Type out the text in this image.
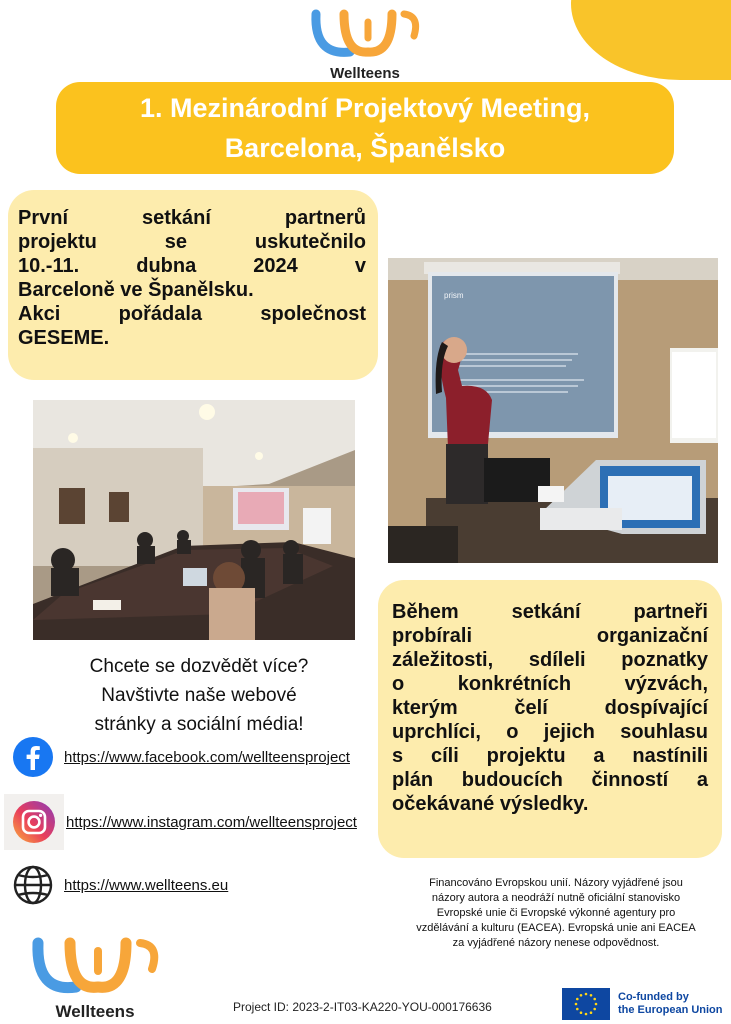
Wellteens
1. Mezinárodní Projektový Meeting,
Barcelona, Španělsko

První setkání partnerů

projektu se uskutečnilo

10.-11. dubna 2024 v

Barceloně ve Španělsku.

Akci pořádala společnost

GESEME.

prism
Chcete se dozvědět více?
Navštivte naše webové
stránky a sociální média!

Během setkání partneři

probírali organizační

záležitosti, sdíleli poznatky

o konkrétních výzvách,

kterým čelí dospívající

uprchlíci, o jejich souhlasu

s cíli projektu a nastínili

plán budoucích činností a

očekávané výsledky.

https://www.facebook.com/wellteensproject
https://www.instagram.com/wellteensproject
https://www.wellteens.eu	Financováno Evropskou unií. Názory vyjádřené jsou
názory autora a neodráží nutně oficiální stanovisko
Evropské unie či Evropské výkonné agentury pro
vzdělávání a kulturu (EACEA). Evropská unie ani EACEA
za vyjádřené názory nenese odpovědnost.
Wellteens	Project ID: 2023-2-IT03-KA220-YOU-000176636
Co-funded by
the European Union
